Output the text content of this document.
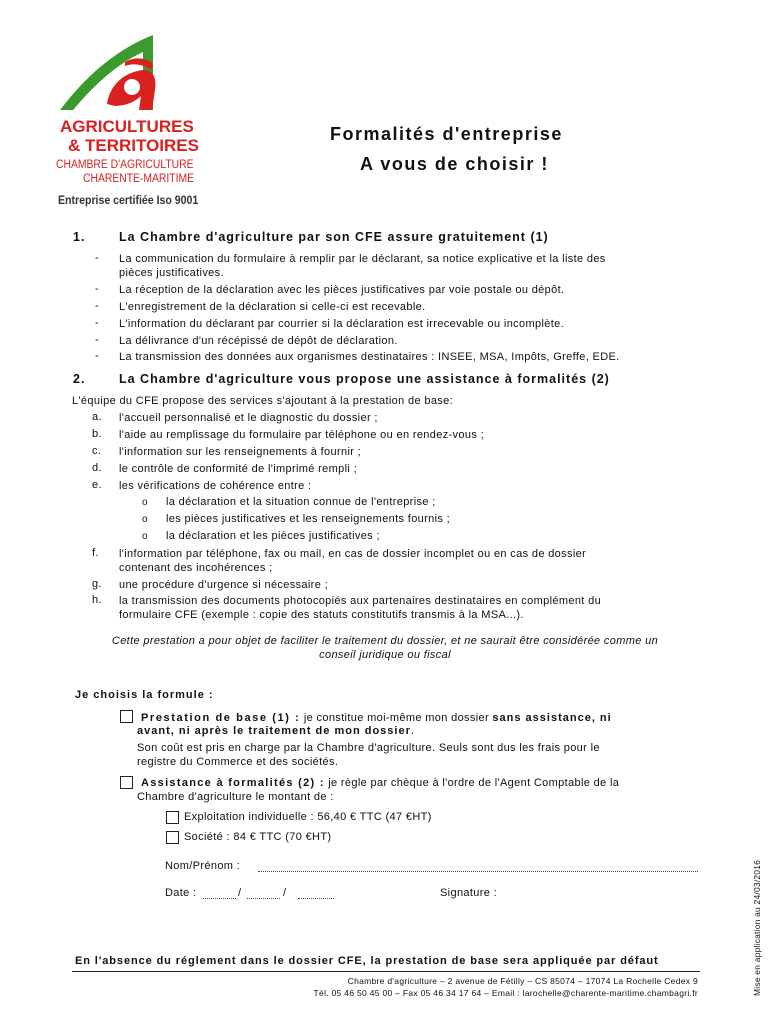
AGRICULTURES
& TERRITOIRES
CHAMBRE D'AGRICULTURE
CHARENTE-MARITIME
Entreprise certifiée Iso 9001
Formalités d'entreprise
A vous de choisir !
1.	La Chambre d'agriculture par son CFE assure gratuitement (1)
- La communication du formulaire à remplir par le déclarant, sa notice explicative et la liste des
pièces justificatives.
- La réception de la déclaration avec les pièces justificatives par voie postale ou dépôt.
- L'enregistrement de la déclaration si celle-ci est recevable.
- L'information du déclarant par courrier si la déclaration est irrecevable ou incomplète.
- La délivrance d'un récépissé de dépôt de déclaration.
- La transmission des données aux organismes destinataires : INSEE, MSA, Impôts, Greffe, EDE.
2.	La Chambre d'agriculture vous propose une assistance à formalités (2)
L'équipe du CFE propose des services s'ajoutant à la prestation de base:
a. l'accueil personnalisé et le diagnostic du dossier ;
b. l'aide au remplissage du formulaire par téléphone ou en rendez-vous ;
c. l'information sur les renseignements à fournir ;
d. le contrôle de conformité de l'imprimé rempli ;
e. les vérifications de cohérence entre :
o la déclaration et la situation connue de l'entreprise ;
o les pièces justificatives et les renseignements fournis ;
o la déclaration et les pièces justificatives ;
f. l'information par téléphone, fax ou mail, en cas de dossier incomplet ou en cas de dossier
contenant des incohérences ;
g. une procédure d'urgence si nécessaire ;
h. la transmission des documents photocopiés aux partenaires destinataires en complément du
formulaire CFE (exemple : copie des statuts constitutifs transmis à la MSA...).
Cette prestation a pour objet de faciliter le traitement du dossier, et ne saurait être considérée comme un
conseil juridique ou fiscal
Je choisis la formule :
Prestation de base (1) : je constitue moi-même mon dossier sans assistance, ni
avant, ni après le traitement de mon dossier.
Son coût est pris en charge par la Chambre d'agriculture. Seuls sont dus les frais pour le
registre du Commerce et des sociétés.
Assistance à formalités (2) : je règle par chèque à l'ordre de l'Agent Comptable de la
Chambre d'agriculture le montant de :
Exploitation individuelle : 56,40 € TTC (47 €HT)
Société : 84 € TTC (70 €HT)
Nom/Prénom :
Date :	/	/	Signature :
En l'absence du réglement dans le dossier CFE, la prestation de base sera appliquée par défaut
Chambre d'agriculture – 2 avenue de Fétilly – CS 85074 – 17074 La Rochelle Cedex 9
Tél. 05 46 50 45 00 – Fax 05 46 34 17 64 – Email : larochelle@charente-maritime.chambagri.fr	Mise en application au 24/03/2016
